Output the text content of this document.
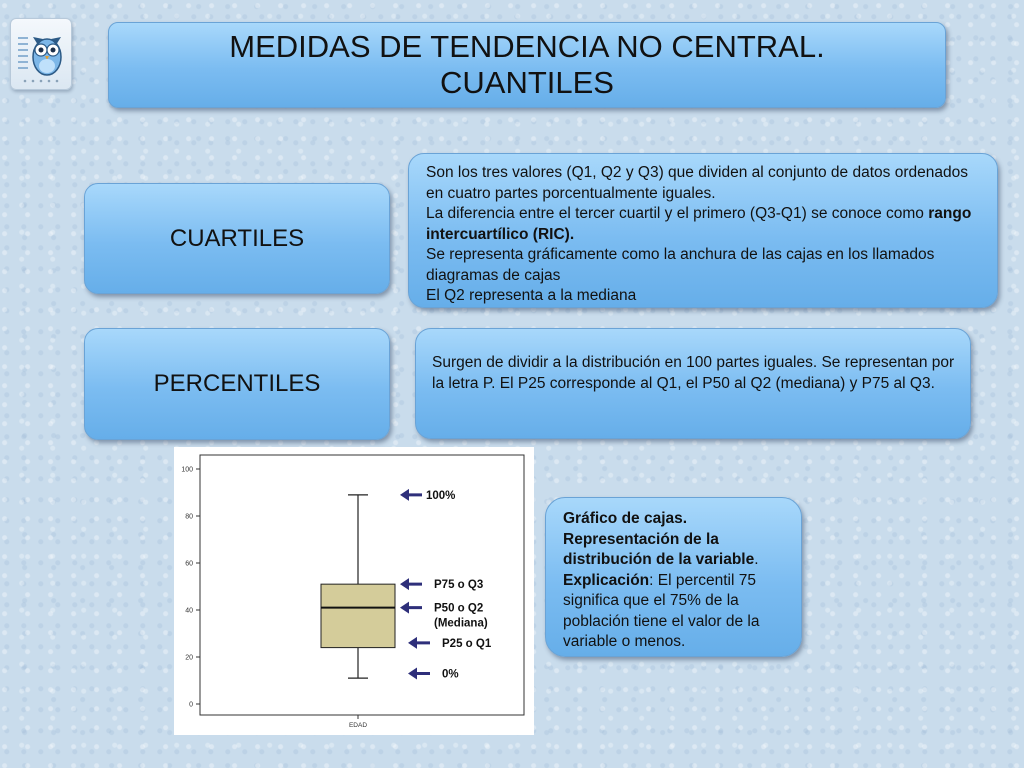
MEDIDAS DE TENDENCIA NO CENTRAL.
CUANTILES
CUARTILES
Son los tres valores (Q1, Q2 y Q3) que dividen al conjunto de datos ordenados en cuatro partes porcentualmente iguales.
La diferencia entre el tercer cuartil y el primero (Q3-Q1) se conoce como rango intercuartílico (RIC).
Se representa gráficamente como la anchura de las cajas en los llamados diagramas de cajas
El Q2 representa a la mediana
PERCENTILES
Surgen de dividir a la distribución en 100 partes iguales. Se representan por la letra P. El P25 corresponde al Q1, el P50 al Q2 (mediana) y P75 al Q3.
0
20
40
60
80
100
EDAD
100%
P75 o Q3
P50 o Q2
(Mediana)
P25 o Q1
0%
Gráfico de cajas. Representación de la distribución de la variable.
Explicación: El percentil 75 significa que el 75% de la población tiene el valor de la variable o menos.
